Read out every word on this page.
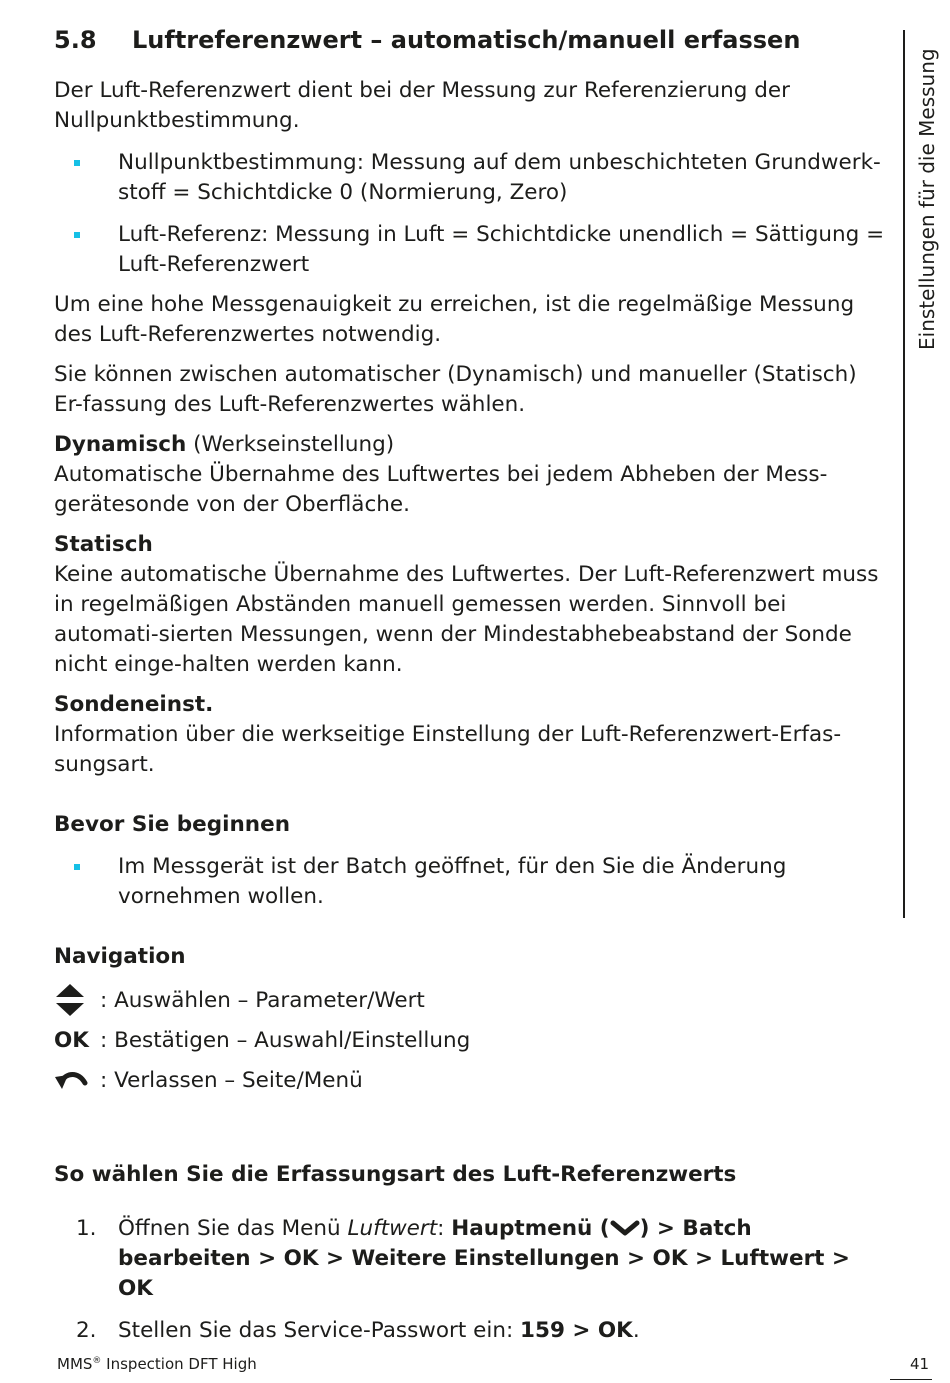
5.8	Luftreferenzwert – automatisch/manuell erfassen

Der Luft-Referenzwert dient bei der Messung zur Referenzierung der Nullpunktbestimmung.

Nullpunktbestimmung: Messung auf dem unbeschichteten Grundwerk-stoff = Schichtdicke 0 (Normierung, Zero)
Luft-Referenz: Messung in Luft = Schichtdicke unendlich = Sättigung = Luft-Referenzwert

Um eine hohe Messgenauigkeit zu erreichen, ist die regelmäßige Messung des Luft-Referenzwertes notwendig.

Sie können zwischen automatischer (Dynamisch) und manueller (Statisch) Er-fassung des Luft-Referenzwertes wählen.

Dynamisch (Werkseinstellung)
Automatische Übernahme des Luftwertes bei jedem Abheben der Mess-gerätesonde von der Oberfläche.

Statisch
Keine automatische Übernahme des Luftwertes. Der Luft-Referenzwert muss in regelmäßigen Abständen manuell gemessen werden. Sinnvoll bei automati-sierten Messungen, wenn der Mindestabhebeabstand der Sonde nicht einge-halten werden kann.

Sondeneinst.
Information über die werkseitige Einstellung der Luft-Referenzwert-Erfas-sungsart.

Bevor Sie beginnen
Im Messgerät ist der Batch geöffnet, für den Sie die Änderung vornehmen wollen.
Navigation
: Auswählen – Parameter/Wert
OK : Bestätigen – Auswahl/Einstellung
: Verlassen – Seite/Menü
So wählen Sie die Erfassungsart des Luft-Referenzwerts
1. Öffnen Sie das Menü Luftwert: Hauptmenü ( ) > Batch bearbeiten > OK > Weitere Einstellungen > OK > Luftwert > OK
2. Stellen Sie das Service-Passwort ein: 159 > OK.
Einstellungen für die Messung
MMS® Inspection DFT High	41
